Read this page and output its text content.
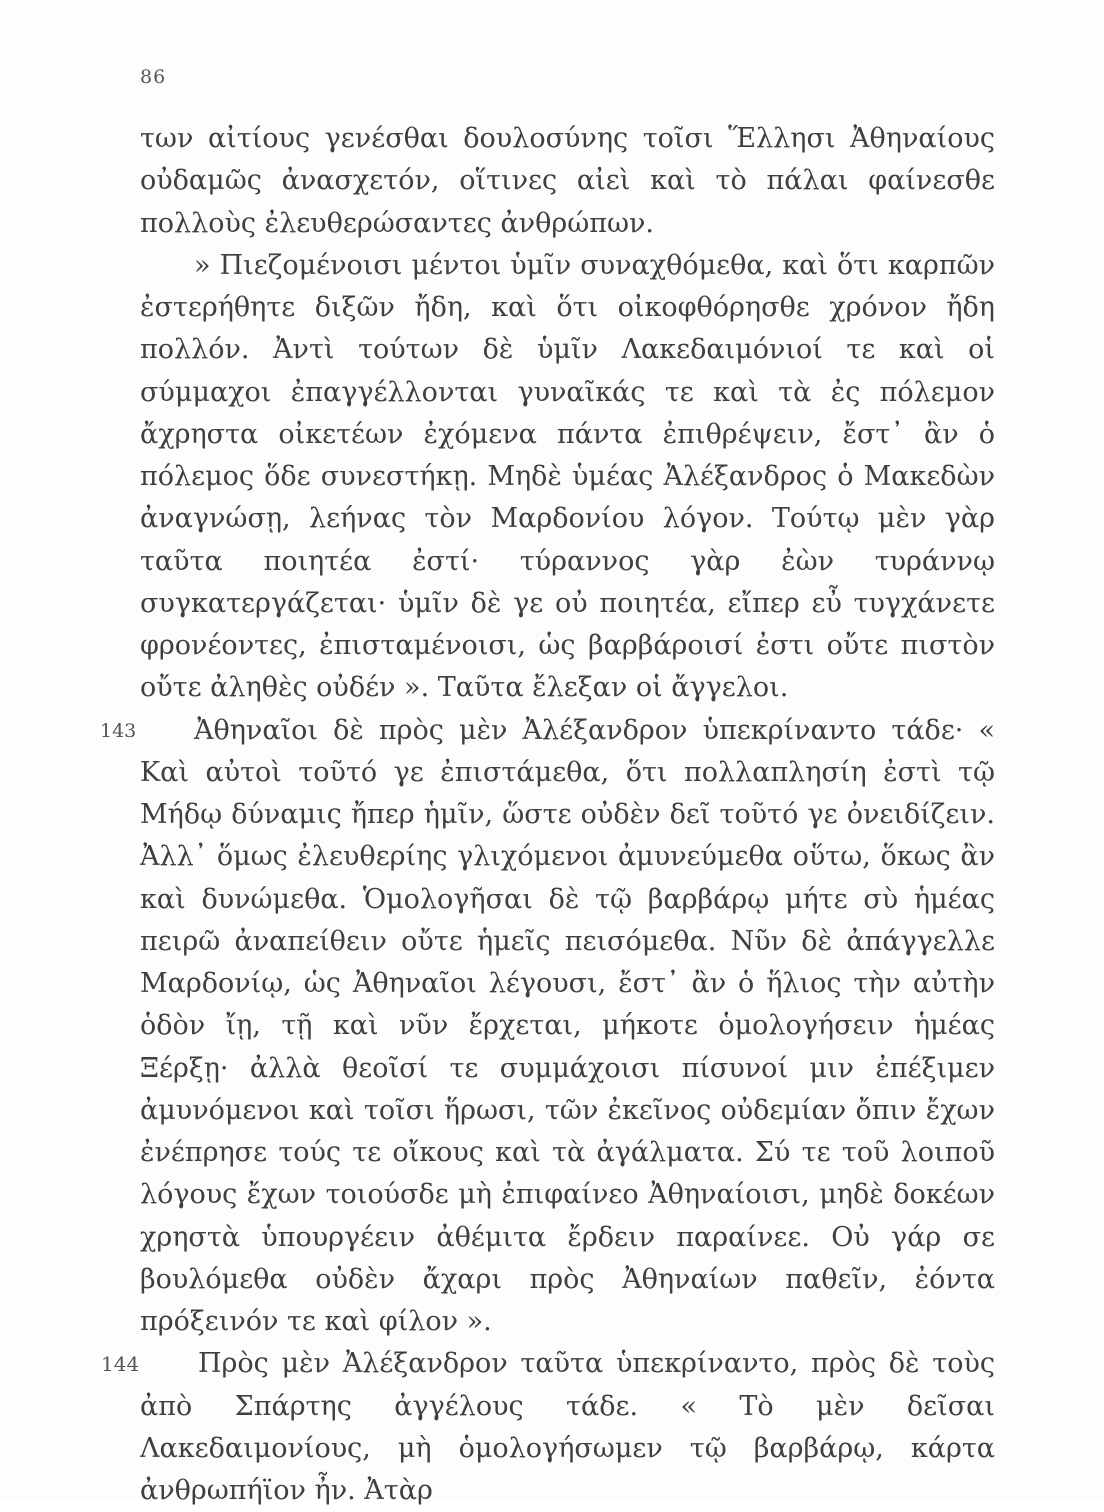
86

των αἰτίους γενέσθαι δουλοσύνης τοῖσι Ἕλλησι Ἀθηναίους οὐδαμῶς ἀνασχετόν, οἵτινες αἰεὶ καὶ τὸ πάλαι φαίνεσθε πολλοὺς ἐλευθερώσαντες ἀνθρώπων.

» Πιεζομένοισι μέντοι ὑμῖν συναχθόμεθα, καὶ ὅτι καρπῶν ἐστερήθητε διξῶν ἤδη, καὶ ὅτι οἰκοφθόρησθε χρόνον ἤδη πολλόν. Ἀντὶ τούτων δὲ ὑμῖν Λακεδαιμόνιοί τε καὶ οἱ σύμμαχοι ἐπαγγέλλονται γυναῖκάς τε καὶ τὰ ἐς πόλεμον ἄχρηστα οἰκετέων ἐχόμενα πάντα ἐπιθρέψειν, ἔστ᾽ ἂν ὁ πόλεμος ὅδε συνεστήκῃ. Μηδὲ ὑμέας Ἀλέξανδρος ὁ Μακεδὼν ἀναγνώσῃ, λεήνας τὸν Μαρδονίου λόγον. Τούτῳ μὲν γὰρ ταῦτα ποιητέα ἐστί· τύραννος γὰρ ἐὼν τυράννῳ συγκατεργάζεται· ὑμῖν δὲ γε οὐ ποιητέα, εἴπερ εὖ τυγχάνετε φρονέοντες, ἐπισταμένοισι, ὡς βαρβάροισί ἐστι οὔτε πιστὸν οὔτε ἀληθὲς οὐδέν ». Ταῦτα ἔλεξαν οἱ ἄγγελοι.

143 Ἀθηναῖοι δὲ πρὸς μὲν Ἀλέξανδρον ὑπεκρίναντο τάδε· « Καὶ αὐτοὶ τοῦτό γε ἐπιστάμεθα, ὅτι πολλαπλησίη ἐστὶ τῷ Μήδῳ δύναμις ἤπερ ἡμῖν, ὥστε οὐδὲν δεῖ τοῦτό γε ὀνειδίζειν. Ἀλλ᾽ ὅμως ἐλευθερίης γλιχόμενοι ἀμυνεύμεθα οὕτω, ὅκως ἂν καὶ δυνώμεθα. Ὁμολογῆσαι δὲ τῷ βαρβάρῳ μήτε σὺ ἡμέας πειρῶ ἀναπείθειν οὔτε ἡμεῖς πεισόμεθα. Νῦν δὲ ἀπάγγελλε Μαρδονίῳ, ὡς Ἀθηναῖοι λέγουσι, ἔστ᾽ ἂν ὁ ἥλιος τὴν αὐτὴν ὁδὸν ἴῃ, τῇ καὶ νῦν ἔρχεται, μήκοτε ὁμολογήσειν ἡμέας Ξέρξῃ· ἀλλὰ θεοῖσί τε συμμάχοισι πίσυνοί μιν ἐπέξιμεν ἀμυνόμενοι καὶ τοῖσι ἥρωσι, τῶν ἐκεῖνος οὐδεμίαν ὄπιν ἔχων ἐνέπρησε τούς τε οἴκους καὶ τὰ ἀγάλματα. Σύ τε τοῦ λοιποῦ λόγους ἔχων τοιούσδε μὴ ἐπιφαίνεο Ἀθηναίοισι, μηδὲ δοκέων χρηστὰ ὑπουργέειν ἀθέμιτα ἔρδειν παραίνεε. Οὐ γάρ σε βουλόμεθα οὐδὲν ἄχαρι πρὸς Ἀθηναίων παθεῖν, ἐόντα πρόξεινόν τε καὶ φίλον ».

144 Πρὸς μὲν Ἀλέξανδρον ταῦτα ὑπεκρίναντο, πρὸς δὲ τοὺς ἀπὸ Σπάρτης ἀγγέλους τάδε. « Τὸ μὲν δεῖσαι Λακεδαιμονίους, μὴ ὁμολογήσωμεν τῷ βαρβάρῳ, κάρτα ἀνθρωπήϊον ἦν. Ἀτὰρ
